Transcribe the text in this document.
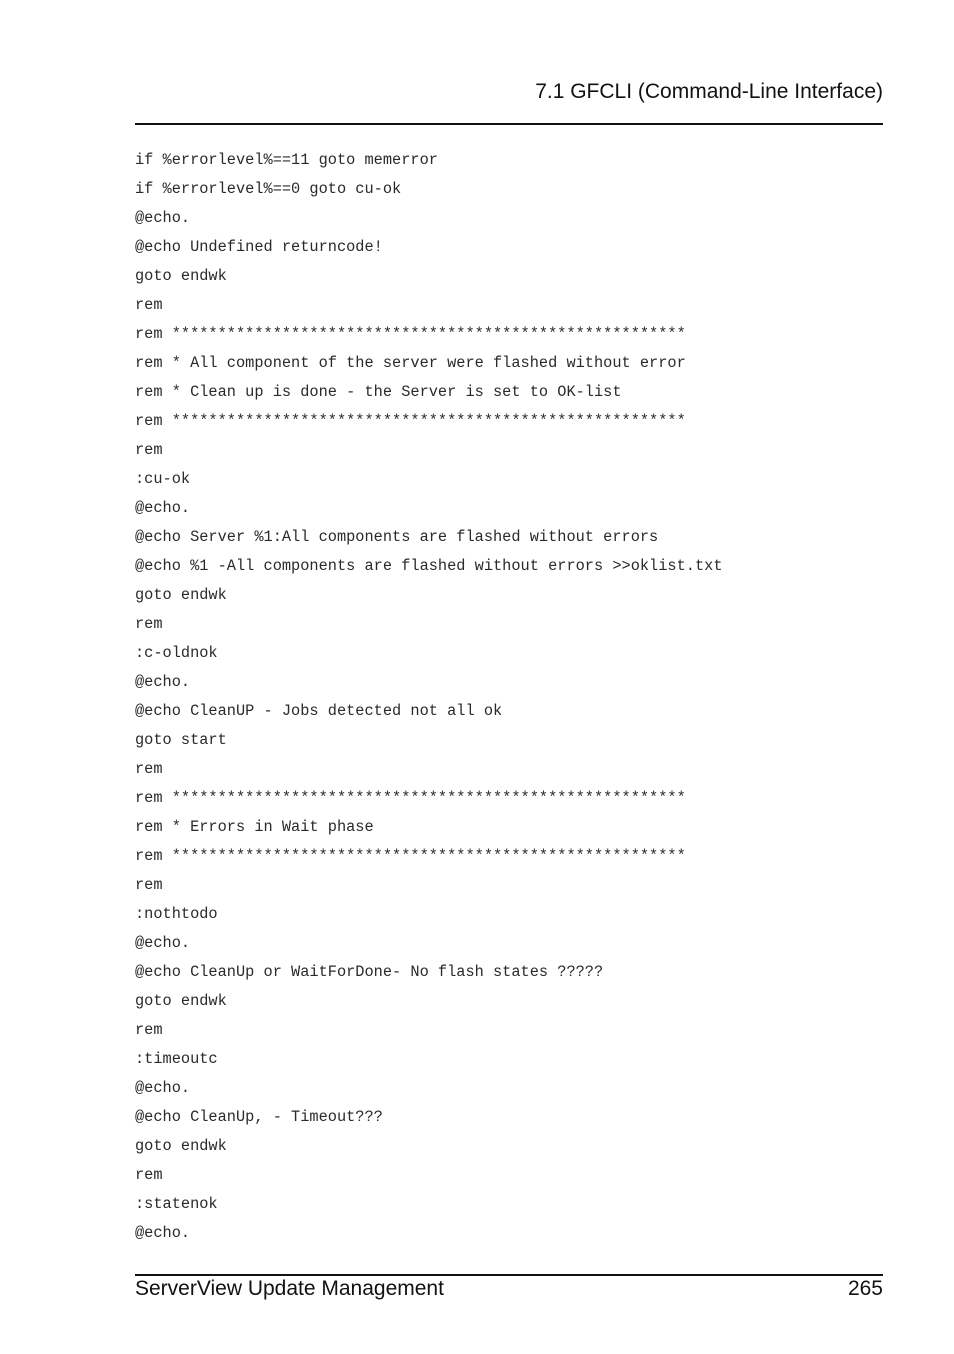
7.1 GFCLI (Command-Line Interface)
if %errorlevel%==11 goto memerror
if %errorlevel%==0 goto cu-ok
@echo.
@echo Undefined returncode!
goto endwk
rem
rem ********************************************************
rem * All component of the server were flashed without error
rem * Clean up is done - the Server is set to OK-list
rem ********************************************************
rem
:cu-ok
@echo.
@echo Server %1:All components are flashed without errors
@echo %1 -All components are flashed without errors >>oklist.txt
goto endwk
rem
:c-oldnok
@echo.
@echo CleanUP - Jobs detected not all ok
goto start
rem
rem ********************************************************
rem * Errors in Wait phase
rem ********************************************************
rem
:nothtodo
@echo.
@echo CleanUp or WaitForDone- No flash states ?????
goto endwk
rem
:timeoutc
@echo.
@echo CleanUp, - Timeout???
goto endwk
rem
:statenok
@echo.
ServerView Update Management	265
